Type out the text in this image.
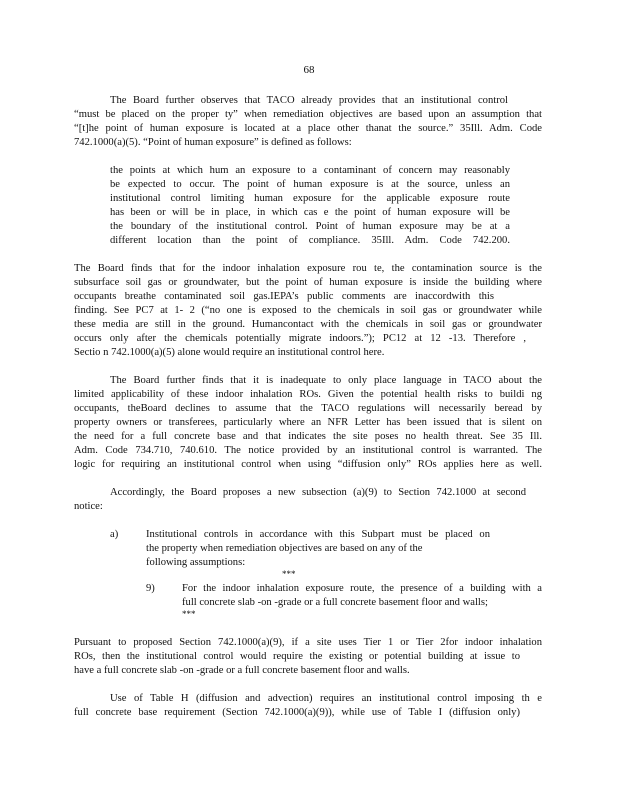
68
The Board further observes that TACO already provides that an institutional control
“must be placed on the proper ty” when remediation objectives are based upon an assumption that
“[t]he point of human exposure is located at a place other thanat the source.” 35Ill. Adm. Code
742.1000(a)(5). “Point of human exposure” is defined as follows:
the points at which hum an exposure to a contaminant of concern may reasonably
be expected to occur. The point of human exposure is at the source, unless an
institutional control limiting human exposure for the applicable exposure route
has been or will be in place, in which cas e the point of human exposure will be
the boundary of the institutional control. Point of human exposure may be at a
different location than the point of compliance. 35Ill. Adm. Code 742.200.
The Board finds that for the indoor inhalation exposure rou te, the contamination source is the
subsurface soil gas or groundwater, but the point of human exposure is inside the building where
occupants breathe contaminated soil gas.IEPA’s public comments are inaccordwith this
finding. See PC7 at 1- 2 (“no one is exposed to the chemicals in soil gas or groundwater while
these media are still in the ground. Humancontact with the chemicals in soil gas or groundwater
occurs only after the chemicals potentially migrate indoors.”); PC12 at 12 -13. Therefore ,
Sectio n 742.1000(a)(5) alone would require an institutional control here.
The Board further finds that it is inadequate to only place language in TACO about the
limited applicability of these indoor inhalation ROs. Given the potential health risks to buildi ng
occupants, theBoard declines to assume that the TACO regulations will necessarily beread by
property owners or transferees, particularly where an NFR Letter has been issued that is silent on
the need for a full concrete base and that indicates the site poses no health threat. See 35 Ill.
Adm. Code 734.710, 740.610. The notice provided by an institutional control is warranted. The
logic for requiring an institutional control when using “diffusion only” ROs applies here as well.
Accordingly, the Board proposes a new subsection (a)(9) to Section 742.1000 at second
notice:
a)	Institutional controls in accordance with this Subpart must be placed on
the property when remediation objectives are based on any of the
following assumptions:
***
9)	For the indoor inhalation exposure route, the presence of a building with a
full concrete slab -on -grade or a full concrete basement floor and walls;
***
Pursuant to proposed Section 742.1000(a)(9), if a site uses Tier 1 or Tier 2for indoor inhalation
ROs, then the institutional control would require the existing or potential building at issue to
have a full concrete slab -on -grade or a full concrete basement floor and walls.
Use of Table H (diffusion and advection) requires an institutional control imposing th e
full concrete base requirement (Section 742.1000(a)(9)), while use of Table I (diffusion only)
